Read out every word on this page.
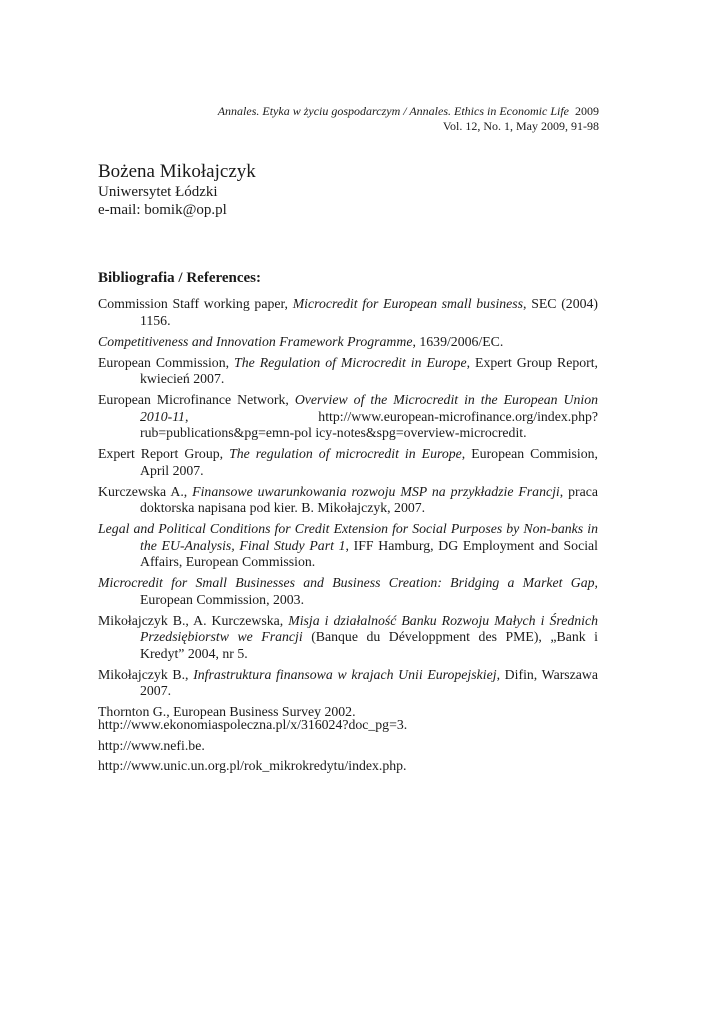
Annales. Etyka w życiu gospodarczym / Annales. Ethics in Economic Life 2009
Vol. 12, No. 1, May 2009, 91-98
Bożena Mikołajczyk
Uniwersytet Łódzki
e-mail: bomik@op.pl
Bibliografia / References:

Commission Staff working paper, Microcredit for European small business, SEC (2004) 1156.

Competitiveness and Innovation Framework Programme, 1639/2006/EC.

European Commission, The Regulation of Microcredit in Europe, Expert Group Report, kwiecień 2007.

European Microfinance Network, Overview of the Microcredit in the European Union 2010-11, http://www.european-microfinance.org/index.php?rub=publications&pg=emn-pol icy-notes&spg=overview-microcredit.

Expert Report Group, The regulation of microcredit in Europe, European Commision, April 2007.

Kurczewska A., Finansowe uwarunkowania rozwoju MSP na przykładzie Francji, praca doktorska napisana pod kier. B. Mikołajczyk, 2007.

Legal and Political Conditions for Credit Extension for Social Purposes by Non-banks in the EU-Analysis, Final Study Part 1, IFF Hamburg, DG Employment and Social Affairs, European Commission.

Microcredit for Small Businesses and Business Creation: Bridging a Market Gap, European Commission, 2003.

Mikołajczyk B., A. Kurczewska, Misja i działalność Banku Rozwoju Małych i Średnich Przedsiębiorstw we Francji (Banque du Développment des PME), „Bank i Kredyt” 2004, nr 5.

Mikołajczyk B., Infrastruktura finansowa w krajach Unii Europejskiej, Difin, Warszawa 2007.

Thornton G., European Business Survey 2002.

http://www.ekonomiaspoleczna.pl/x/316024?doc_pg=3.
http://www.nefi.be.
http://www.unic.un.org.pl/rok_mikrokredytu/index.php.
